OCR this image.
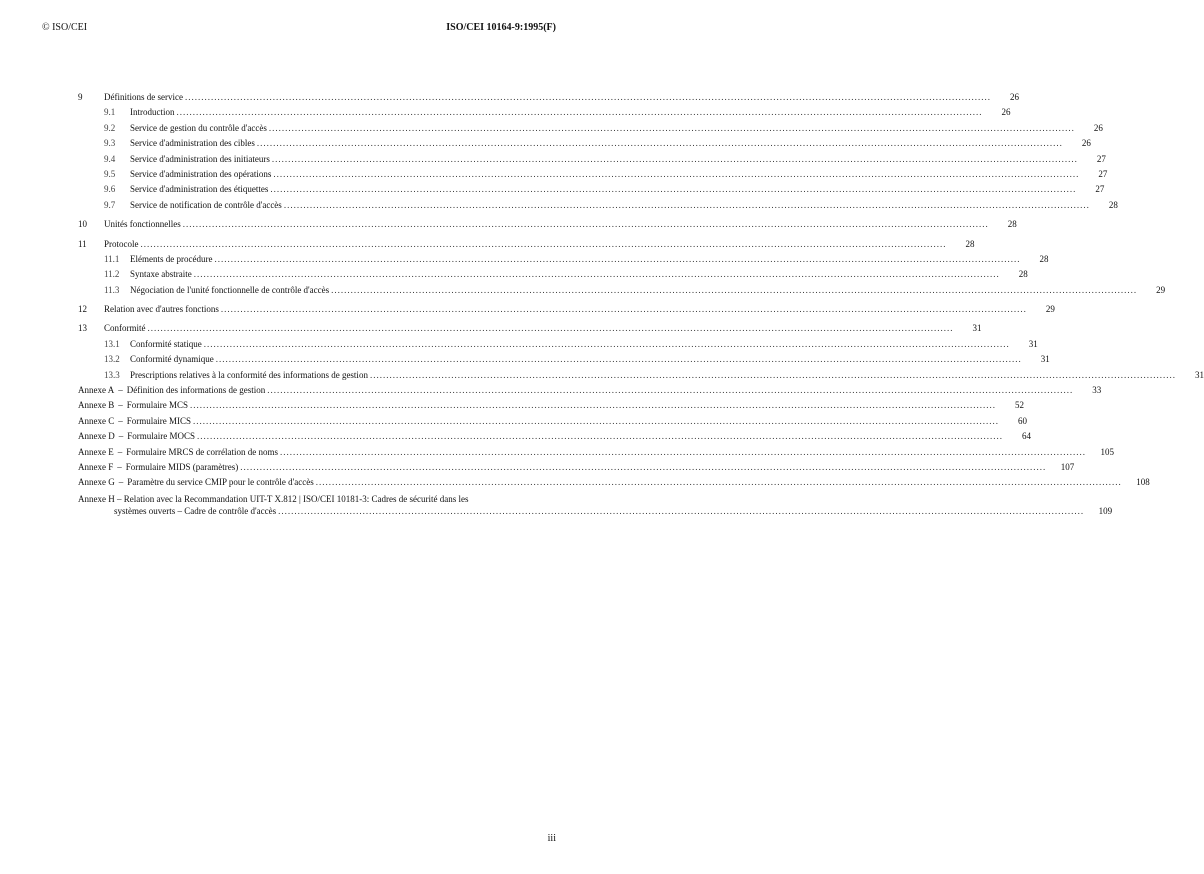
© ISO/CEI	ISO/CEI 10164-9:1995(F)
9	Définitions de service .....	26
9.1	Introduction .....	26
9.2	Service de gestion du contrôle d'accès .....	26
9.3	Service d'administration des cibles .....	26
9.4	Service d'administration des initiateurs .....	27
9.5	Service d'administration des opérations .....	27
9.6	Service d'administration des étiquettes .....	27
9.7	Service de notification de contrôle d'accès .....	28
10	Unités fonctionnelles .....	28
11	Protocole .....	28
11.1	Eléments de procédure .....	28
11.2	Syntaxe abstraite .....	28
11.3	Négociation de l'unité fonctionnelle de contrôle d'accès .....	29
12	Relation avec d'autres fonctions .....	29
13	Conformité .....	31
13.1	Conformité statique .....	31
13.2	Conformité dynamique .....	31
13.3	Prescriptions relatives à la conformité des informations de gestion .....	31
Annexe A – Définition des informations de gestion .....	33
Annexe B – Formulaire MCS .....	52
Annexe C – Formulaire MICS .....	60
Annexe D – Formulaire MOCS .....	64
Annexe E – Formulaire MRCS de corrélation de noms .....	105
Annexe F – Formulaire MIDS (paramètres) .....	107
Annexe G – Paramètre du service CMIP pour le contrôle d'accès .....	108
Annexe H – Relation avec la Recommandation UIT-T X.812 | ISO/CEI 10181-3: Cadres de sécurité dans les
systèmes ouverts – Cadre de contrôle d'accès .....	109
iii
